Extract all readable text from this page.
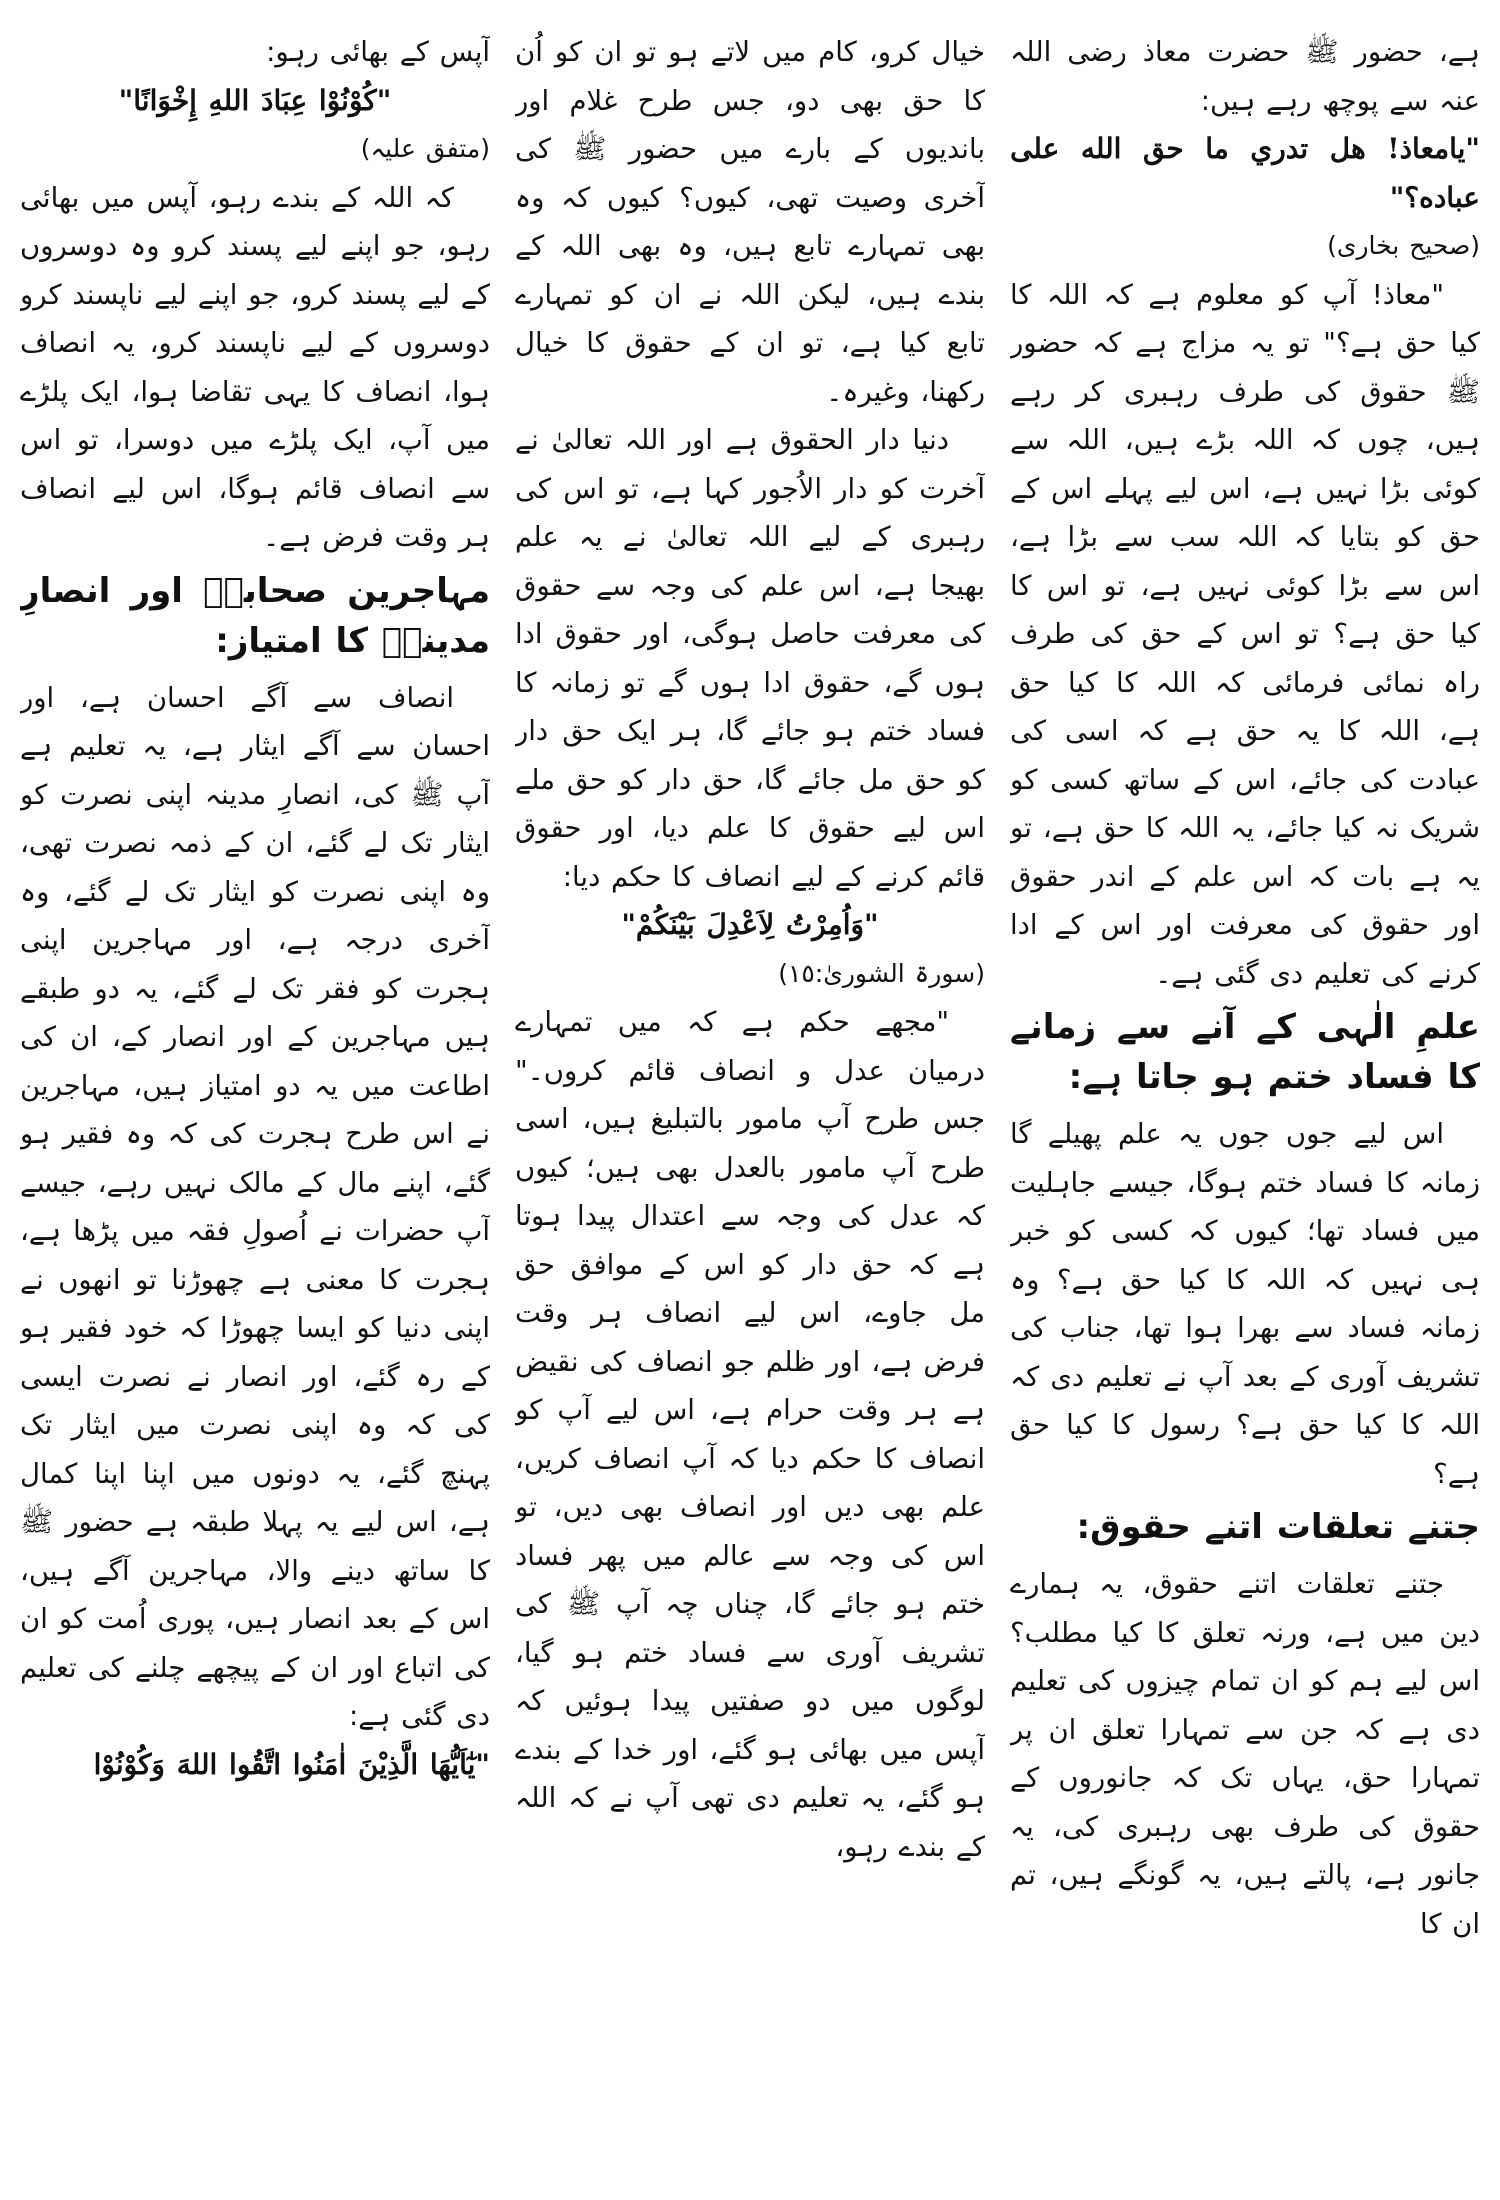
ہے، حضور ﷺ حضرت معاذ رضی اللہ عنہ سے پوچھ رہے ہیں:

"یامعاذ! هل تدري ما حق الله علی عباده؟"

(صحیح بخاری)

"معاذ! آپ کو معلوم ہے کہ اللہ کا کیا حق ہے؟" تو یہ مزاج ہے کہ حضور ﷺ حقوق کی طرف رہبری کر رہے ہیں، چوں کہ اللہ بڑے ہیں، اللہ سے کوئی بڑا نہیں ہے، اس لیے پہلے اس کے حق کو بتایا کہ اللہ سب سے بڑا ہے، اس سے بڑا کوئی نہیں ہے، تو اس کا کیا حق ہے؟ تو اس کے حق کی طرف راہ نمائی فرمائی کہ اللہ کا کیا حق ہے، اللہ کا یہ حق ہے کہ اسی کی عبادت کی جائے، اس کے ساتھ کسی کو شریک نہ کیا جائے، یہ اللہ کا حق ہے، تو یہ ہے بات کہ اس علم کے اندر حقوق اور حقوق کی معرفت اور اس کے ادا کرنے کی تعلیم دی گئی ہے۔

علمِ الٰہی کے آنے سے زمانے کا فساد ختم ہو جاتا ہے:

اس لیے جوں جوں یہ علم پھیلے گا زمانہ کا فساد ختم ہوگا، جیسے جاہلیت میں فساد تھا؛ کیوں کہ کسی کو خبر ہی نہیں کہ اللہ کا کیا حق ہے؟ وہ زمانہ فساد سے بھرا ہوا تھا، جناب کی تشریف آوری کے بعد آپ نے تعلیم دی کہ اللہ کا کیا حق ہے؟ رسول کا کیا حق ہے؟

جتنے تعلقات اتنے حقوق:

جتنے تعلقات اتنے حقوق، یہ ہمارے دین میں ہے، ورنہ تعلق کا کیا مطلب؟ اس لیے ہم کو ان تمام چیزوں کی تعلیم دی ہے کہ جن سے تمہارا تعلق ان پر تمہارا حق، یہاں تک کہ جانوروں کے حقوق کی طرف بھی رہبری کی، یہ جانور ہے، پالتے ہیں، یہ گونگے ہیں، تم ان کا

خیال کرو، کام میں لاتے ہو تو ان کو اُن کا حق بھی دو، جس طرح غلام اور باندیوں کے بارے میں حضور ﷺ کی آخری وصیت تھی، کیوں؟ کیوں کہ وہ بھی تمہارے تابع ہیں، وہ بھی اللہ کے بندے ہیں، لیکن اللہ نے ان کو تمہارے تابع کیا ہے، تو ان کے حقوق کا خیال رکھنا، وغیرہ۔

دنیا دار الحقوق ہے اور اللہ تعالیٰ نے آخرت کو دار الاُجور کہا ہے، تو اس کی رہبری کے لیے اللہ تعالیٰ نے یہ علم بھیجا ہے، اس علم کی وجہ سے حقوق کی معرفت حاصل ہوگی، اور حقوق ادا ہوں گے، حقوق ادا ہوں گے تو زمانہ کا فساد ختم ہو جائے گا، ہر ایک حق دار کو حق مل جائے گا، حق دار کو حق ملے اس لیے حقوق کا علم دیا، اور حقوق قائم کرنے کے لیے انصاف کا حکم دیا:

"وَاُمِرْتُ لِاَعْدِلَ بَيْنَكُمْ"

(سورۃ الشوریٰ:١٥)

"مجھے حکم ہے کہ میں تمہارے درمیان عدل و انصاف قائم کروں۔" جس طرح آپ مامور بالتبلیغ ہیں، اسی طرح آپ مامور بالعدل بھی ہیں؛ کیوں کہ عدل کی وجہ سے اعتدال پیدا ہوتا ہے کہ حق دار کو اس کے موافق حق مل جاوے، اس لیے انصاف ہر وقت فرض ہے، اور ظلم جو انصاف کی نقیض ہے ہر وقت حرام ہے، اس لیے آپ کو انصاف کا حکم دیا کہ آپ انصاف کریں، علم بھی دیں اور انصاف بھی دیں، تو اس کی وجہ سے عالم میں پھر فساد ختم ہو جائے گا، چناں چہ آپ ﷺ کی تشریف آوری سے فساد ختم ہو گیا، لوگوں میں دو صفتیں پیدا ہوئیں کہ آپس میں بھائی ہو گئے، اور خدا کے بندے ہو گئے، یہ تعلیم دی تھی آپ نے کہ اللہ کے بندے رہو،

آپس کے بھائی رہو:

"كُوْنُوْا عِبَادَ اللهِ إِخْوَانًا"

(متفق علیہ)

کہ اللہ کے بندے رہو، آپس میں بھائی رہو، جو اپنے لیے پسند کرو وہ دوسروں کے لیے پسند کرو، جو اپنے لیے ناپسند کرو دوسروں کے لیے ناپسند کرو، یہ انصاف ہوا، انصاف کا یہی تقاضا ہوا، ایک پلڑے میں آپ، ایک پلڑے میں دوسرا، تو اس سے انصاف قائم ہوگا، اس لیے انصاف ہر وقت فرض ہے۔

مہاجرین صحابہؓ اور انصارِ مدینہؓ کا امتیاز:

انصاف سے آگے احسان ہے، اور احسان سے آگے ایثار ہے، یہ تعلیم ہے آپ ﷺ کی، انصارِ مدینہ اپنی نصرت کو ایثار تک لے گئے، ان کے ذمہ نصرت تھی، وہ اپنی نصرت کو ایثار تک لے گئے، وہ آخری درجہ ہے، اور مہاجرین اپنی ہجرت کو فقر تک لے گئے، یہ دو طبقے ہیں مہاجرین کے اور انصار کے، ان کی اطاعت میں یہ دو امتیاز ہیں، مہاجرین نے اس طرح ہجرت کی کہ وہ فقیر ہو گئے، اپنے مال کے مالک نہیں رہے، جیسے آپ حضرات نے اُصولِ فقہ میں پڑھا ہے، ہجرت کا معنی ہے چھوڑنا تو انھوں نے اپنی دنیا کو ایسا چھوڑا کہ خود فقیر ہو کے رہ گئے، اور انصار نے نصرت ایسی کی کہ وہ اپنی نصرت میں ایثار تک پہنچ گئے، یہ دونوں میں اپنا اپنا کمال ہے، اس لیے یہ پہلا طبقہ ہے حضور ﷺ کا ساتھ دینے والا، مہاجرین آگے ہیں، اس کے بعد انصار ہیں، پوری اُمت کو ان کی اتباع اور ان کے پیچھے چلنے کی تعلیم دی گئی ہے:

"يٰٓاَيُّهَا الَّذِيْنَ اٰمَنُوا اتَّقُوا اللهَ وَكُوْنُوْا
